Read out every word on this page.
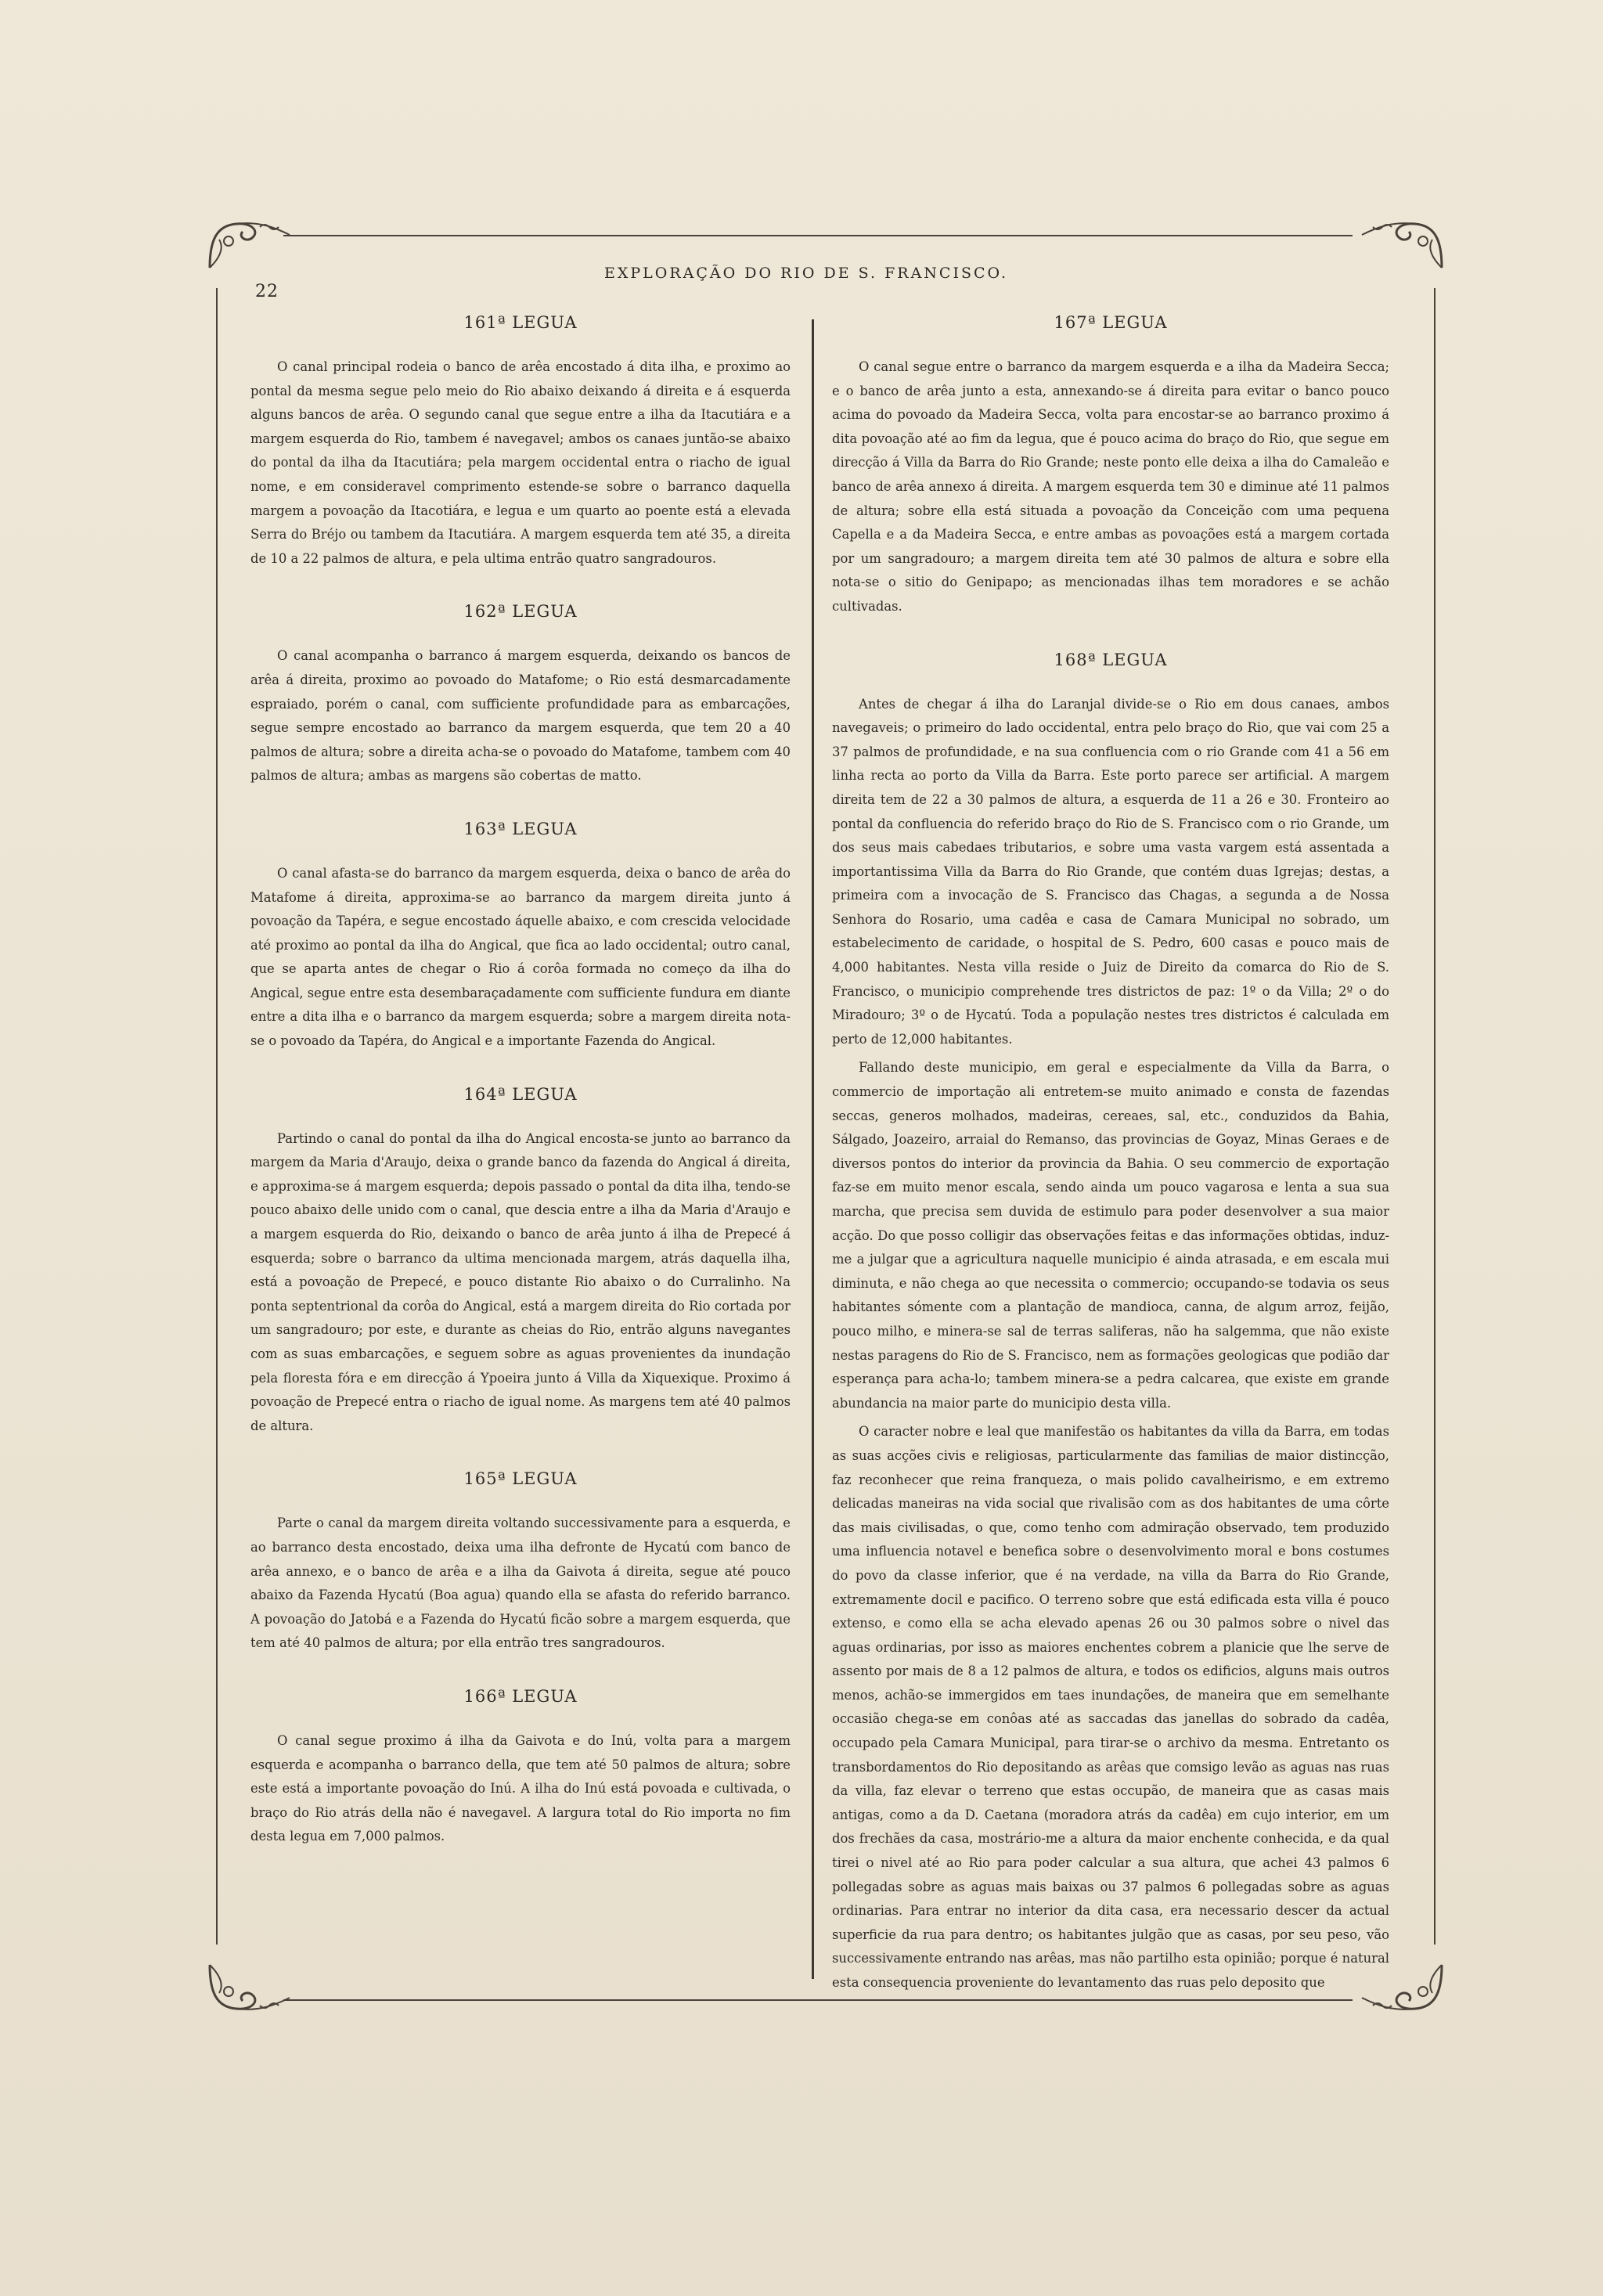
22
EXPLORAÇÃO DO RIO DE S. FRANCISCO.
161ª LEGUA

O canal principal rodeia o banco de arêa encostado á dita ilha, e proximo ao pontal da mesma segue pelo meio do Rio abaixo deixando á direita e á esquerda alguns bancos de arêa. O segundo canal que segue entre a ilha da Itacutiára e a margem esquerda do Rio, tambem é navegavel; ambos os canaes juntão-se abaixo do pontal da ilha da Itacutiára; pela margem occidental entra o riacho de igual nome, e em consideravel comprimento estende-se sobre o barranco daquella margem a povoação da Itacotiára, e legua e um quarto ao poente está a elevada Serra do Bréjo ou tambem da Itacutiára. A margem esquerda tem até 35, a direita de 10 a 22 palmos de altura, e pela ultima entrão quatro sangradouros.

162ª LEGUA

O canal acompanha o barranco á margem esquerda, deixando os bancos de arêa á direita, proximo ao povoado do Matafome; o Rio está desmarcadamente espraiado, porém o canal, com sufficiente profundidade para as embarcações, segue sempre encostado ao barranco da margem esquerda, que tem 20 a 40 palmos de altura; sobre a direita acha-se o povoado do Matafome, tambem com 40 palmos de altura; ambas as margens são cobertas de matto.

163ª LEGUA

O canal afasta-se do barranco da margem esquerda, deixa o banco de arêa do Matafome á direita, approxima-se ao barranco da margem direita junto á povoação da Tapéra, e segue encostado áquelle abaixo, e com crescida velocidade até proximo ao pontal da ilha do Angical, que fica ao lado occidental; outro canal, que se aparta antes de chegar o Rio á corôa formada no começo da ilha do Angical, segue entre esta desembaraçadamente com sufficiente fundura em diante entre a dita ilha e o barranco da margem esquerda; sobre a margem direita nota-se o povoado da Tapéra, do Angical e a importante Fazenda do Angical.

164ª LEGUA

Partindo o canal do pontal da ilha do Angical encosta-se junto ao barranco da margem da Maria d'Araujo, deixa o grande banco da fazenda do Angical á direita, e approxima-se á margem esquerda; depois passado o pontal da dita ilha, tendo-se pouco abaixo delle unido com o canal, que descia entre a ilha da Maria d'Araujo e a margem esquerda do Rio, deixando o banco de arêa junto á ilha de Prepecé á esquerda; sobre o barranco da ultima mencionada margem, atrás daquella ilha, está a povoação de Prepecé, e pouco distante Rio abaixo o do Curralinho. Na ponta septentrional da corôa do Angical, está a margem direita do Rio cortada por um sangradouro; por este, e durante as cheias do Rio, entrão alguns navegantes com as suas embarcações, e seguem sobre as aguas provenientes da inundação pela floresta fóra e em direcção á Ypoeira junto á Villa da Xiquexique. Proximo á povoação de Prepecé entra o riacho de igual nome. As margens tem até 40 palmos de altura.

165ª LEGUA

Parte o canal da margem direita voltando successivamente para a esquerda, e ao barranco desta encostado, deixa uma ilha defronte de Hycatú com banco de arêa annexo, e o banco de arêa e a ilha da Gaivota á direita, segue até pouco abaixo da Fazenda Hycatú (Boa agua) quando ella se afasta do referido barranco. A povoação do Jatobá e a Fazenda do Hycatú ficão sobre a margem esquerda, que tem até 40 palmos de altura; por ella entrão tres sangradouros.

166ª LEGUA

O canal segue proximo á ilha da Gaivota e do Inú, volta para a margem esquerda e acompanha o barranco della, que tem até 50 palmos de altura; sobre este está a importante povoação do Inú. A ilha do Inú está povoada e cultivada, o braço do Rio atrás della não é navegavel. A largura total do Rio importa no fim desta legua em 7,000 palmos.

167ª LEGUA

O canal segue entre o barranco da margem esquerda e a ilha da Madeira Secca; e o banco de arêa junto a esta, annexando-se á direita para evitar o banco pouco acima do povoado da Madeira Secca, volta para encostar-se ao barranco proximo á dita povoação até ao fim da legua, que é pouco acima do braço do Rio, que segue em direcção á Villa da Barra do Rio Grande; neste ponto elle deixa a ilha do Camaleão e banco de arêa annexo á direita. A margem esquerda tem 30 e diminue até 11 palmos de altura; sobre ella está situada a povoação da Conceição com uma pequena Capella e a da Madeira Secca, e entre ambas as povoações está a margem cortada por um sangradouro; a margem direita tem até 30 palmos de altura e sobre ella nota-se o sitio do Genipapo; as mencionadas ilhas tem moradores e se achão cultivadas.

168ª LEGUA

Antes de chegar á ilha do Laranjal divide-se o Rio em dous canaes, ambos navegaveis; o primeiro do lado occidental, entra pelo braço do Rio, que vai com 25 a 37 palmos de profundidade, e na sua confluencia com o rio Grande com 41 a 56 em linha recta ao porto da Villa da Barra. Este porto parece ser artificial. A margem direita tem de 22 a 30 palmos de altura, a esquerda de 11 a 26 e 30. Fronteiro ao pontal da confluencia do referido braço do Rio de S. Francisco com o rio Grande, um dos seus mais cabedaes tributarios, e sobre uma vasta vargem está assentada a importantissima Villa da Barra do Rio Grande, que contém duas Igrejas; destas, a primeira com a invocação de S. Francisco das Chagas, a segunda a de Nossa Senhora do Rosario, uma cadêa e casa de Camara Municipal no sobrado, um estabelecimento de caridade, o hospital de S. Pedro, 600 casas e pouco mais de 4,000 habitantes. Nesta villa reside o Juiz de Direito da comarca do Rio de S. Francisco, o municipio comprehende tres districtos de paz: 1º o da Villa; 2º o do Miradouro; 3º o de Hycatú. Toda a população nestes tres districtos é calculada em perto de 12,000 habitantes.

Fallando deste municipio, em geral e especialmente da Villa da Barra, o commercio de importação ali entretem-se muito animado e consta de fazendas seccas, generos molhados, madeiras, cereaes, sal, etc., conduzidos da Bahia, Sálgado, Joazeiro, arraial do Remanso, das provincias de Goyaz, Minas Geraes e de diversos pontos do interior da provincia da Bahia. O seu commercio de exportação faz-se em muito menor escala, sendo ainda um pouco vagarosa e lenta a sua sua marcha, que precisa sem duvida de estimulo para poder desenvolver a sua maior acção. Do que posso colligir das observações feitas e das informações obtidas, induz-me a julgar que a agricultura naquelle municipio é ainda atrasada, e em escala mui diminuta, e não chega ao que necessita o commercio; occupando-se todavia os seus habitantes sómente com a plantação de mandioca, canna, de algum arroz, feijão, pouco milho, e minera-se sal de terras saliferas, não ha salgemma, que não existe nestas paragens do Rio de S. Francisco, nem as formações geologicas que podião dar esperança para acha-lo; tambem minera-se a pedra calcarea, que existe em grande abundancia na maior parte do municipio desta villa.

O caracter nobre e leal que manifestão os habitantes da villa da Barra, em todas as suas acções civis e religiosas, particularmente das familias de maior distincção, faz reconhecer que reina franqueza, o mais polido cavalheirismo, e em extremo delicadas maneiras na vida social que rivalisão com as dos habitantes de uma côrte das mais civilisadas, o que, como tenho com admiração observado, tem produzido uma influencia notavel e benefica sobre o desenvolvimento moral e bons costumes do povo da classe inferior, que é na verdade, na villa da Barra do Rio Grande, extremamente docil e pacifico. O terreno sobre que está edificada esta villa é pouco extenso, e como ella se acha elevado apenas 26 ou 30 palmos sobre o nivel das aguas ordinarias, por isso as maiores enchentes cobrem a planicie que lhe serve de assento por mais de 8 a 12 palmos de altura, e todos os edificios, alguns mais outros menos, achão-se immergidos em taes inundações, de maneira que em semelhante occasião chega-se em conôas até as saccadas das janellas do sobrado da cadêa, occupado pela Camara Municipal, para tirar-se o archivo da mesma. Entretanto os transbordamentos do Rio depositando as arêas que comsigo levão as aguas nas ruas da villa, faz elevar o terreno que estas occupão, de maneira que as casas mais antigas, como a da D. Caetana (moradora atrás da cadêa) em cujo interior, em um dos frechães da casa, mostrário-me a altura da maior enchente conhecida, e da qual tirei o nivel até ao Rio para poder calcular a sua altura, que achei 43 palmos 6 pollegadas sobre as aguas mais baixas ou 37 palmos 6 pollegadas sobre as aguas ordinarias. Para entrar no interior da dita casa, era necessario descer da actual superficie da rua para dentro; os habitantes julgão que as casas, por seu peso, vão successivamente entrando nas arêas, mas não partilho esta opinião; porque é natural esta consequencia proveniente do levantamento das ruas pelo deposito que
